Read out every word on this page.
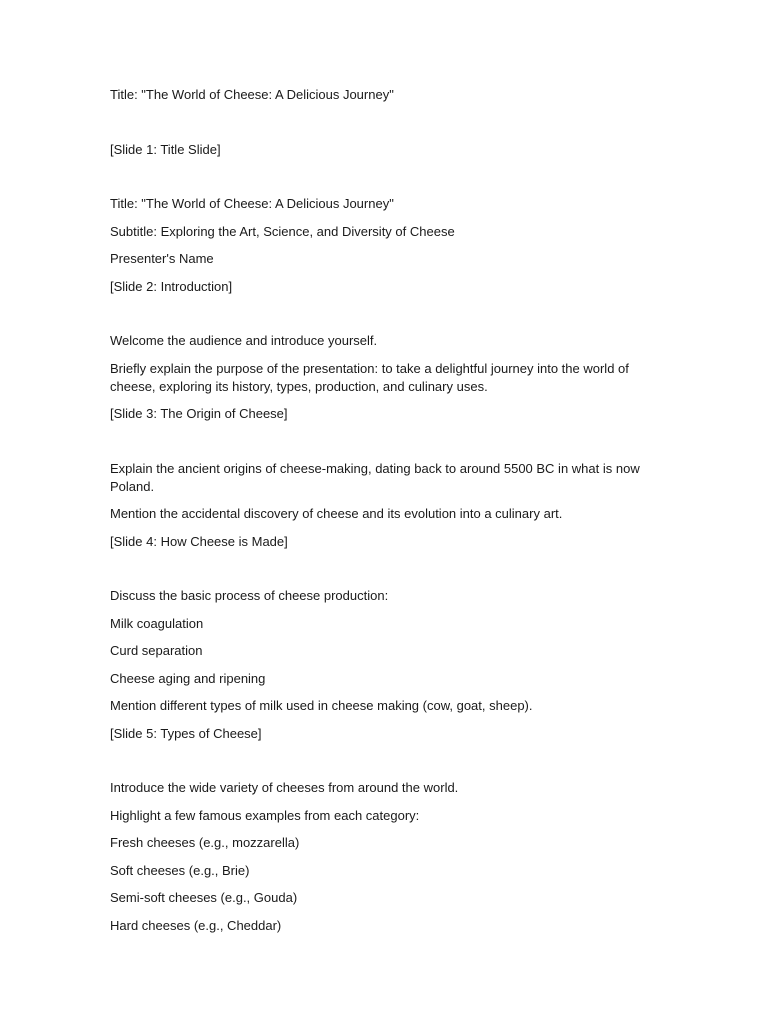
Title: "The World of Cheese: A Delicious Journey"

[Slide 1: Title Slide]

Title: "The World of Cheese: A Delicious Journey"

Subtitle: Exploring the Art, Science, and Diversity of Cheese

Presenter's Name

[Slide 2: Introduction]

Welcome the audience and introduce yourself.

Briefly explain the purpose of the presentation: to take a delightful journey into the world of cheese, exploring its history, types, production, and culinary uses.

[Slide 3: The Origin of Cheese]

Explain the ancient origins of cheese-making, dating back to around 5500 BC in what is now Poland.

Mention the accidental discovery of cheese and its evolution into a culinary art.

[Slide 4: How Cheese is Made]

Discuss the basic process of cheese production:

Milk coagulation

Curd separation

Cheese aging and ripening

Mention different types of milk used in cheese making (cow, goat, sheep).

[Slide 5: Types of Cheese]

Introduce the wide variety of cheeses from around the world.

Highlight a few famous examples from each category:

Fresh cheeses (e.g., mozzarella)

Soft cheeses (e.g., Brie)

Semi-soft cheeses (e.g., Gouda)

Hard cheeses (e.g., Cheddar)
